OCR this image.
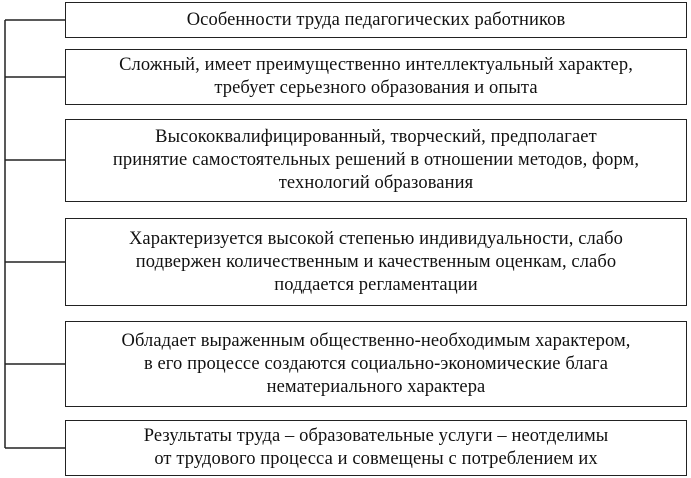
Особенности труда педагогических работников
Сложный, имеет преимущественно интеллектуальный характер,
требует серьезного образования и опыта
Высококвалифицированный, творческий, предполагает
принятие самостоятельных решений в отношении методов, форм,
технологий образования
Характеризуется высокой степенью индивидуальности, слабо
подвержен количественным и качественным оценкам, слабо
поддается регламентации
Обладает выраженным общественно-необходимым характером,
в его процессе создаются социально-экономические блага
нематериального характера
Результаты труда – образовательные услуги – неотделимы
от трудового процесса и совмещены с потреблением их
